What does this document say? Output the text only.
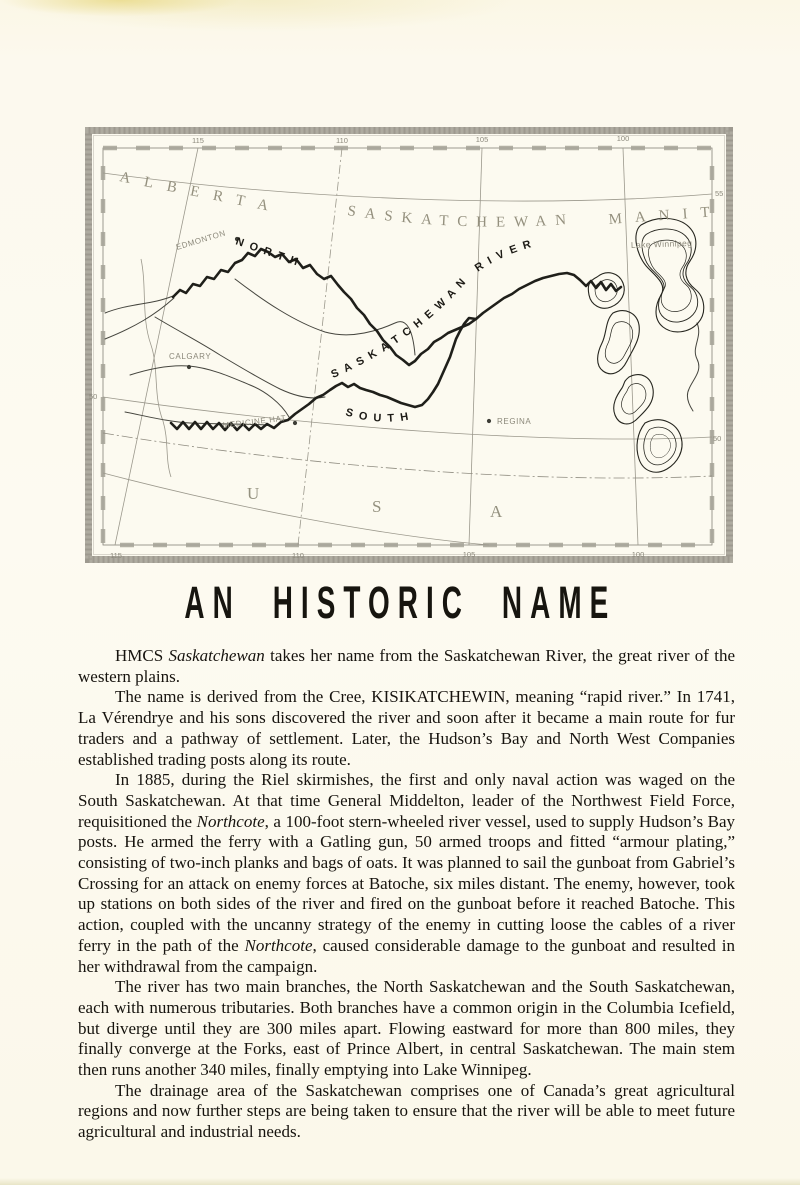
ALBERTA	SASKATCHEWAN MANIT
NORTH
SASKATCHEWAN RIVER
SOUTH
EDMONTON
CALGARY
MEDICINE HAT	REGINA
Lake Winnipeg
U
S	A
115	110	105	100
115	110	105	100
55
50
50
AN HISTORIC NAME

HMCS Saskatchewan takes her name from the Saskatchewan River, the great river of the western plains.

The name is derived from the Cree, KISIKATCHEWIN, meaning “rapid river.” In 1741, La Vérendrye and his sons discovered the river and soon after it became a main route for fur traders and a pathway of settlement. Later, the Hudson’s Bay and North West Companies established trading posts along its route.

In 1885, during the Riel skirmishes, the first and only naval action was waged on the South Saskatchewan. At that time General Middelton, leader of the Northwest Field Force, requisitioned the Northcote, a 100-foot stern-wheeled river vessel, used to supply Hudson’s Bay posts. He armed the ferry with a Gatling gun, 50 armed troops and fitted “armour plating,” consisting of two-inch planks and bags of oats. It was planned to sail the gunboat from Gabriel’s Crossing for an attack on enemy forces at Batoche, six miles distant. The enemy, however, took up stations on both sides of the river and fired on the gunboat before it reached Batoche. This action, coupled with the uncanny strategy of the enemy in cutting loose the cables of a river ferry in the path of the Northcote, caused considerable damage to the gunboat and resulted in her withdrawal from the campaign.

The river has two main branches, the North Saskatchewan and the South Saskatchewan, each with numerous tributaries. Both branches have a common origin in the Columbia Icefield, but diverge until they are 300 miles apart. Flowing eastward for more than 800 miles, they finally converge at the Forks, east of Prince Albert, in central Saskatchewan. The main stem then runs another 340 miles, finally emptying into Lake Winnipeg.

The drainage area of the Saskatchewan comprises one of Canada’s great agricultural regions and now further steps are being taken to ensure that the river will be able to meet future agricultural and industrial needs.
